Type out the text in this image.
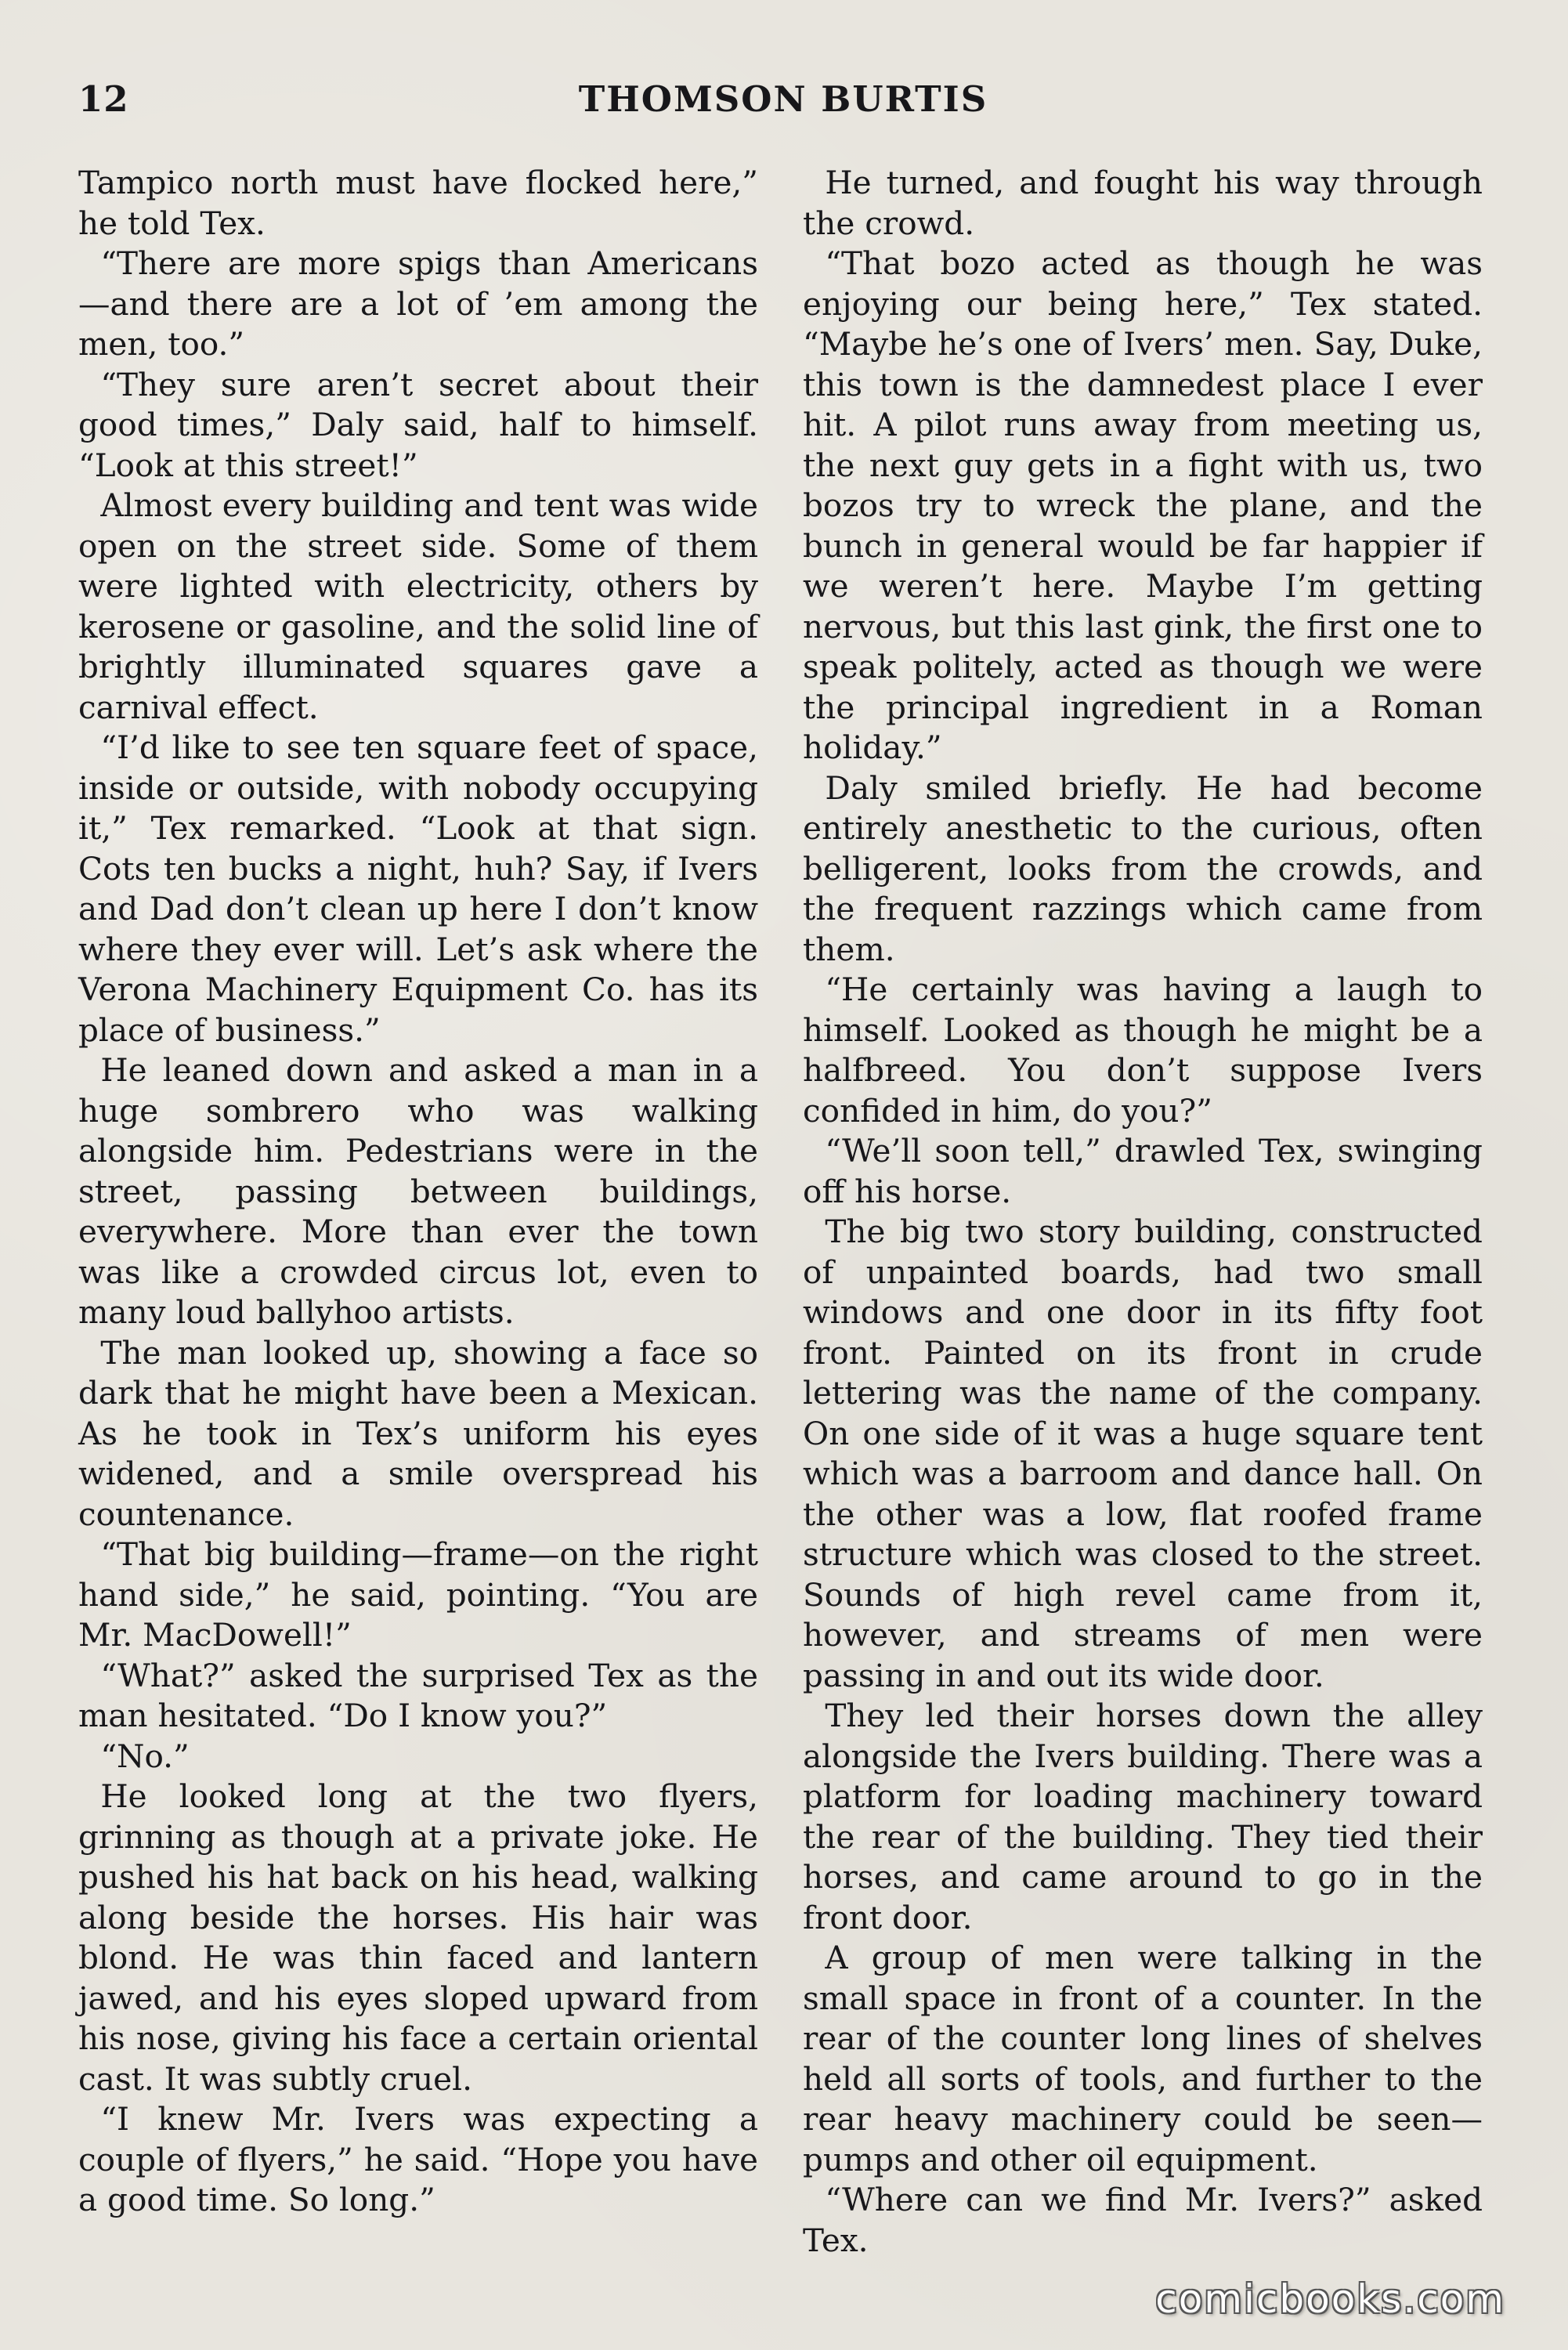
12	THOMSON BURTIS

Tampico north must have flocked here,” he told Tex.

“There are more spigs than Americans —and there are a lot of ’em among the men, too.”

“They sure aren’t secret about their good times,” Daly said, half to himself. “Look at this street!”

Almost every building and tent was wide open on the street side. Some of them were lighted with electricity, others by kerosene or gasoline, and the solid line of brightly illuminated squares gave a carnival effect.

“I’d like to see ten square feet of space, inside or outside, with nobody occupying it,” Tex remarked. “Look at that sign. Cots ten bucks a night, huh? Say, if Ivers and Dad don’t clean up here I don’t know where they ever will. Let’s ask where the Verona Machinery Equipment Co. has its place of business.”

He leaned down and asked a man in a huge sombrero who was walking alongside him. Pedestrians were in the street, passing between buildings, everywhere. More than ever the town was like a crowded circus lot, even to many loud ballyhoo artists.

The man looked up, showing a face so dark that he might have been a Mexican. As he took in Tex’s uniform his eyes widened, and a smile overspread his countenance.

“That big building—frame—on the right hand side,” he said, pointing. “You are Mr. MacDowell!”

“What?” asked the surprised Tex as the man hesitated. “Do I know you?”

“No.”

He looked long at the two flyers, grinning as though at a private joke. He pushed his hat back on his head, walking along beside the horses. His hair was blond. He was thin faced and lantern jawed, and his eyes sloped upward from his nose, giving his face a certain oriental cast. It was subtly cruel.

“I knew Mr. Ivers was expecting a couple of flyers,” he said. “Hope you have a good time. So long.”

He turned, and fought his way through the crowd.

“That bozo acted as though he was enjoying our being here,” Tex stated. “Maybe he’s one of Ivers’ men. Say, Duke, this town is the damnedest place I ever hit. A pilot runs away from meeting us, the next guy gets in a fight with us, two bozos try to wreck the plane, and the bunch in general would be far happier if we weren’t here. Maybe I’m getting nervous, but this last gink, the first one to speak politely, acted as though we were the principal ingredient in a Roman holiday.”

Daly smiled briefly. He had become entirely anesthetic to the curious, often belligerent, looks from the crowds, and the frequent razzings which came from them.

“He certainly was having a laugh to himself. Looked as though he might be a halfbreed. You don’t suppose Ivers confided in him, do you?”

“We’ll soon tell,” drawled Tex, swinging off his horse.

The big two story building, constructed of unpainted boards, had two small windows and one door in its fifty foot front. Painted on its front in crude lettering was the name of the company. On one side of it was a huge square tent which was a barroom and dance hall. On the other was a low, flat roofed frame structure which was closed to the street. Sounds of high revel came from it, however, and streams of men were passing in and out its wide door.

They led their horses down the alley alongside the Ivers building. There was a platform for loading machinery toward the rear of the building. They tied their horses, and came around to go in the front door.

A group of men were talking in the small space in front of a counter. In the rear of the counter long lines of shelves held all sorts of tools, and further to the rear heavy machinery could be seen—pumps and other oil equipment.

“Where can we find Mr. Ivers?” asked Tex.

comicbooks.com
